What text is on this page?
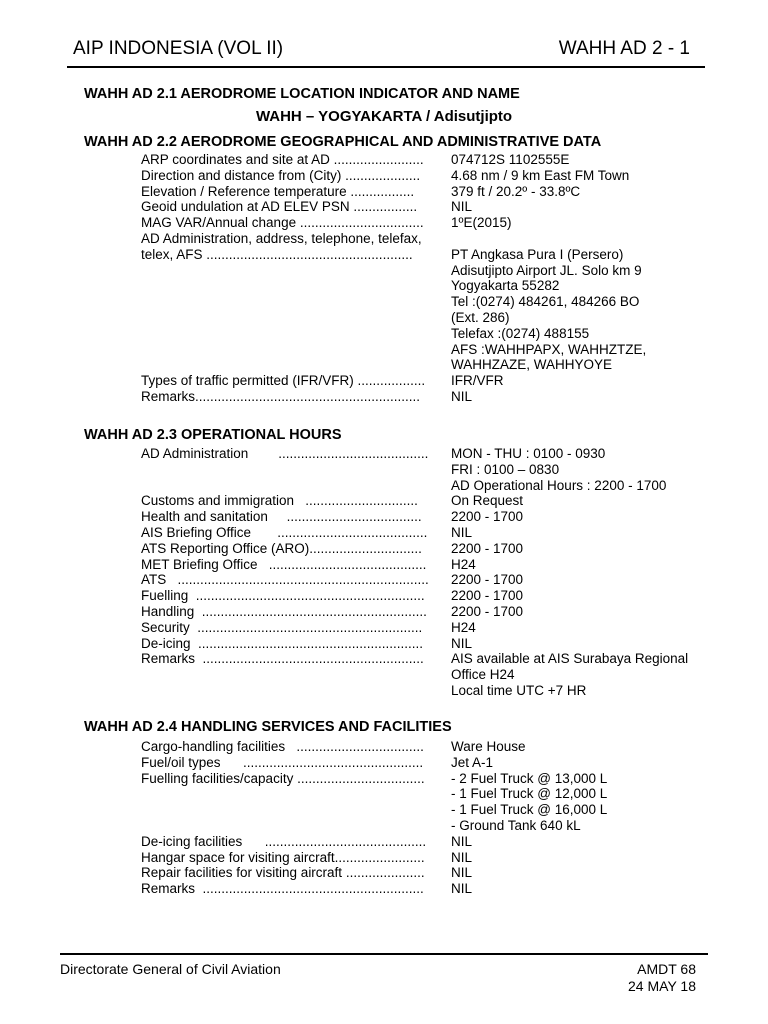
AIP INDONESIA (VOL II)	WAHH AD 2 - 1
WAHH AD 2.1 AERODROME LOCATION INDICATOR AND NAME
WAHH – YOGYAKARTA / Adisutjipto
WAHH AD 2.2 AERODROME GEOGRAPHICAL AND ADMINISTRATIVE DATA
ARP coordinates and site at AD ........................	074712S 1102555E
Direction and distance from (City) ....................	4.68 nm / 9 km East FM Town
Elevation / Reference temperature .................	379 ft / 20.2º - 33.8ºC
Geoid undulation at AD ELEV PSN .................	NIL
MAG VAR/Annual change .................................	1ºE(2015)
AD Administration, address, telephone, telefax,
telex, AFS .......................................................	PT Angkasa Pura I (Persero)
Adisutjipto Airport JL. Solo km 9
Yogyakarta 55282
Tel :(0274) 484261, 484266 BO
(Ext. 286)
Telefax :(0274) 488155
AFS :WAHHPAPX, WAHHZTZE,
WAHHZAZE, WAHHYOYE
Types of traffic permitted (IFR/VFR) .................. IFR/VFR
Remarks............................................................	NIL
WAHH AD 2.3 OPERATIONAL HOURS
AD Administration        ........................................ MON - THU : 0100 - 0930
FRI : 0100 – 0830
AD Operational Hours : 2200 - 1700
Customs and immigration   ..............................	On Request
Health and sanitation     ....................................	2200 - 1700
AIS Briefing Office       ........................................ NIL
ATS Reporting Office (ARO)..............................	2200 - 1700
MET Briefing Office   .......................................... H24
ATS   ................................................................... 2200 - 1700
Fuelling  .............................................................	2200 - 1700
Handling  ............................................................ 2200 - 1700
Security  ............................................................	H24
De-icing  ............................................................	NIL
Remarks  ...........................................................	AIS available at AIS Surabaya Regional
Office H24
Local time UTC +7 HR
WAHH AD 2.4 HANDLING SERVICES AND FACILITIES
Cargo-handling facilities   ..................................	Ware House
Fuel/oil types      ................................................	Jet A-1
Fuelling facilities/capacity ..................................	- 2 Fuel Truck @ 13,000 L
- 1 Fuel Truck @ 12,000 L
- 1 Fuel Truck @ 16,000 L
- Ground Tank 640 kL
De-icing facilities      ........................................... NIL
Hangar space for visiting aircraft........................	NIL
Repair facilities for visiting aircraft .....................	NIL
Remarks  ...........................................................	NIL
Directorate General of Civil Aviation	AMDT 68
24 MAY 18
